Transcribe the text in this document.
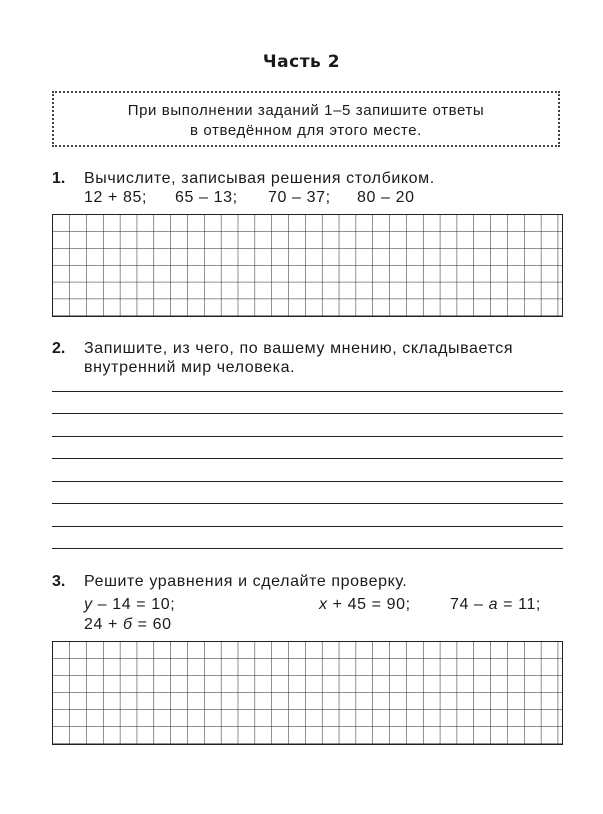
Часть 2
При выполнении заданий 1–5 запишите ответы
в отведённом для этого месте.
1. Вычислите, записывая решения столбиком.
12 + 85; 65 – 13; 70 – 37; 80 – 20
2. Запишите, из чего, по вашему мнению, складывается
внутренний мир человека.
3. Решите уравнения и сделайте проверку.
у – 14 = 10;	х + 45 = 90; 74 – а = 11;
24 + б = 60
